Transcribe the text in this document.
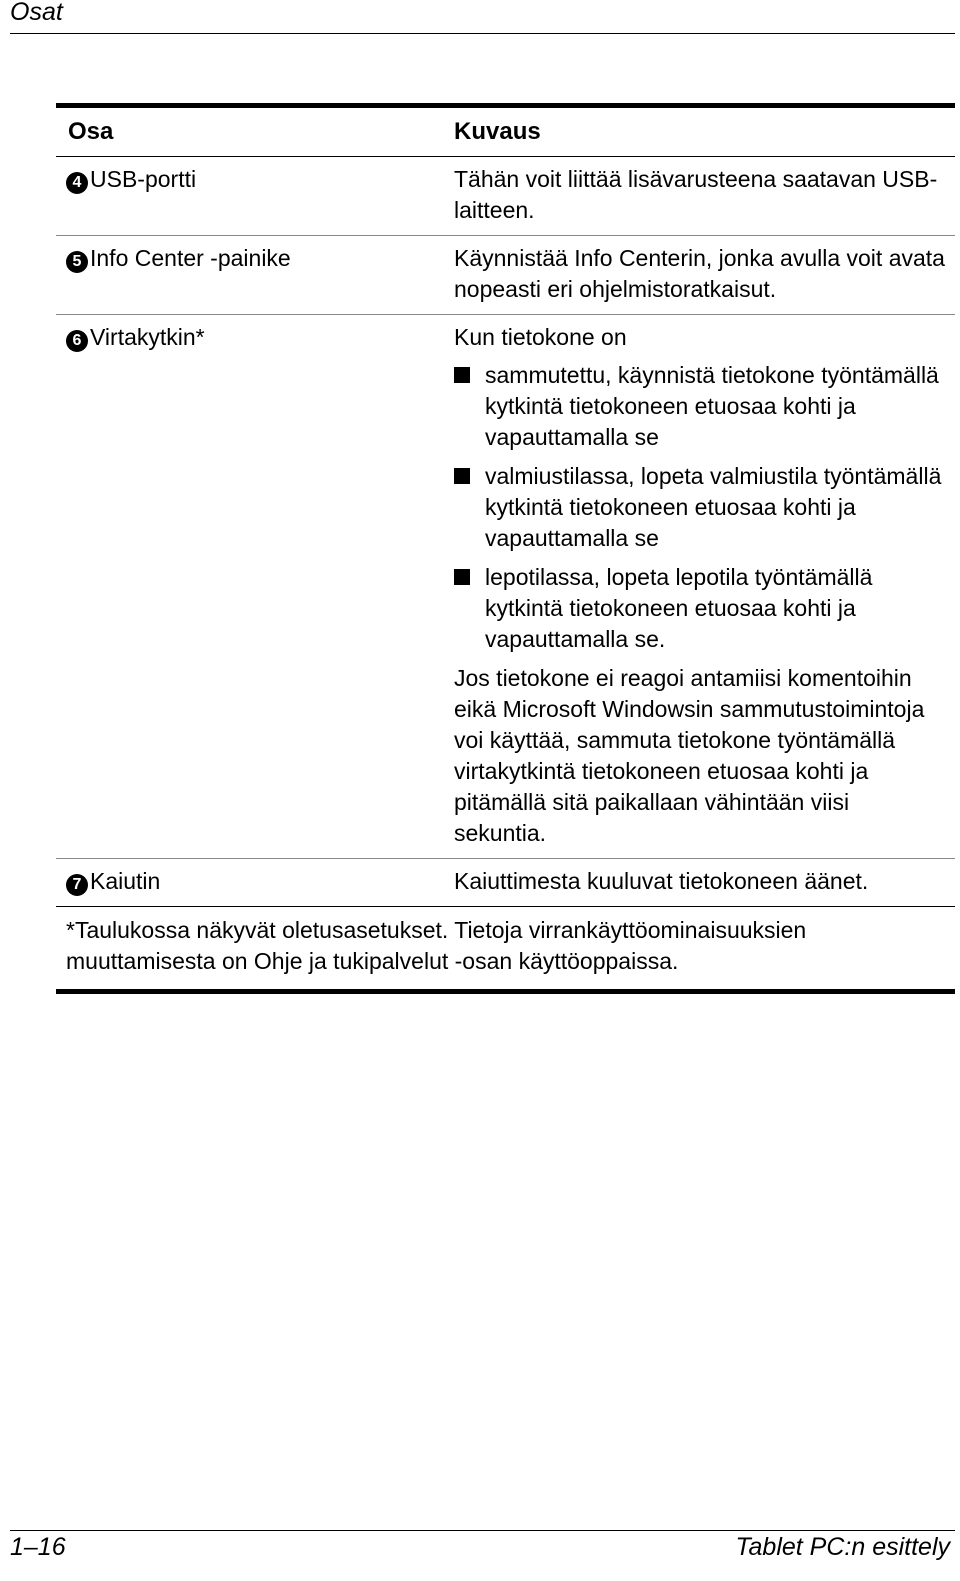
Osat
Osa	Kuvaus
4 USB-portti	Tähän voit liittää lisävarusteena saatavan USB-laitteen.
5 Info Center -painike	Käynnistää Info Centerin, jonka avulla voit avata nopeasti eri ohjelmistoratkaisut.
6 Virtakytkin*	Kun tietokone on
sammutettu, käynnistä tietokone työntämällä kytkintä tietokoneen etuosaa kohti ja vapauttamalla se
valmiustilassa, lopeta valmiustila työntämällä kytkintä tietokoneen etuosaa kohti ja vapauttamalla se
lepotilassa, lopeta lepotila työntämällä kytkintä tietokoneen etuosaa kohti ja vapauttamalla se.
Jos tietokone ei reagoi antamiisi komentoihin eikä Microsoft Windowsin sammutustoimintoja voi käyttää, sammuta tietokone työntämällä virtakytkintä tietokoneen etuosaa kohti ja pitämällä sitä paikallaan vähintään viisi sekuntia.
7 Kaiutin	Kaiuttimesta kuuluvat tietokoneen äänet.
*Taulukossa näkyvät oletusasetukset. Tietoja virrankäyttöominaisuuksien muuttamisesta on Ohje ja tukipalvelut -osan käyttöoppaissa.
1–16	Tablet PC:n esittely
